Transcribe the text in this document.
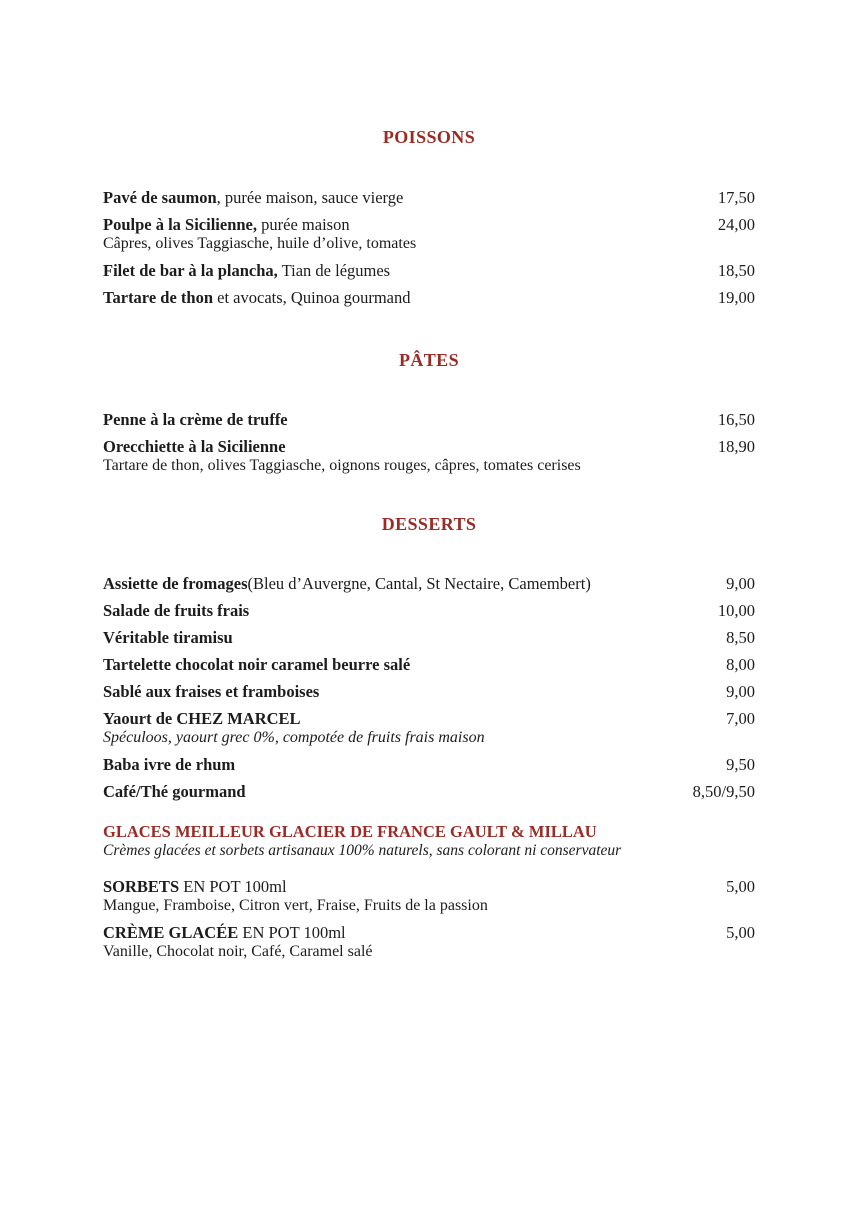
POISSONS
Pavé de saumon, purée maison, sauce vierge	17,50
Poulpe à la Sicilienne, purée maison	24,00
Câpres, olives Taggiasche, huile d’olive, tomates
Filet de bar à la plancha, Tian de légumes	18,50
Tartare de thon et avocats, Quinoa gourmand	19,00
PÂTES
Penne à la crème de truffe	16,50
Orecchiette à la Sicilienne	18,90
Tartare de thon, olives Taggiasche, oignons rouges, câpres, tomates cerises
DESSERTS
Assiette de fromages(Bleu d’Auvergne, Cantal, St Nectaire, Camembert)	9,00
Salade de fruits frais	10,00
Véritable tiramisu	8,50
Tartelette chocolat noir caramel beurre salé	8,00
Sablé aux fraises et framboises	9,00
Yaourt de CHEZ MARCEL	7,00
Spéculoos, yaourt grec 0%, compotée de fruits frais maison
Baba ivre de rhum	9,50
Café/Thé gourmand	8,50/9,50
GLACES MEILLEUR GLACIER DE FRANCE GAULT & MILLAU
Crèmes glacées et sorbets artisanaux 100% naturels, sans colorant ni conservateur
SORBETS EN POT 100ml	5,00
Mangue, Framboise, Citron vert, Fraise, Fruits de la passion
CRÈME GLACÉE EN POT 100ml	5,00
Vanille, Chocolat noir, Café, Caramel salé
